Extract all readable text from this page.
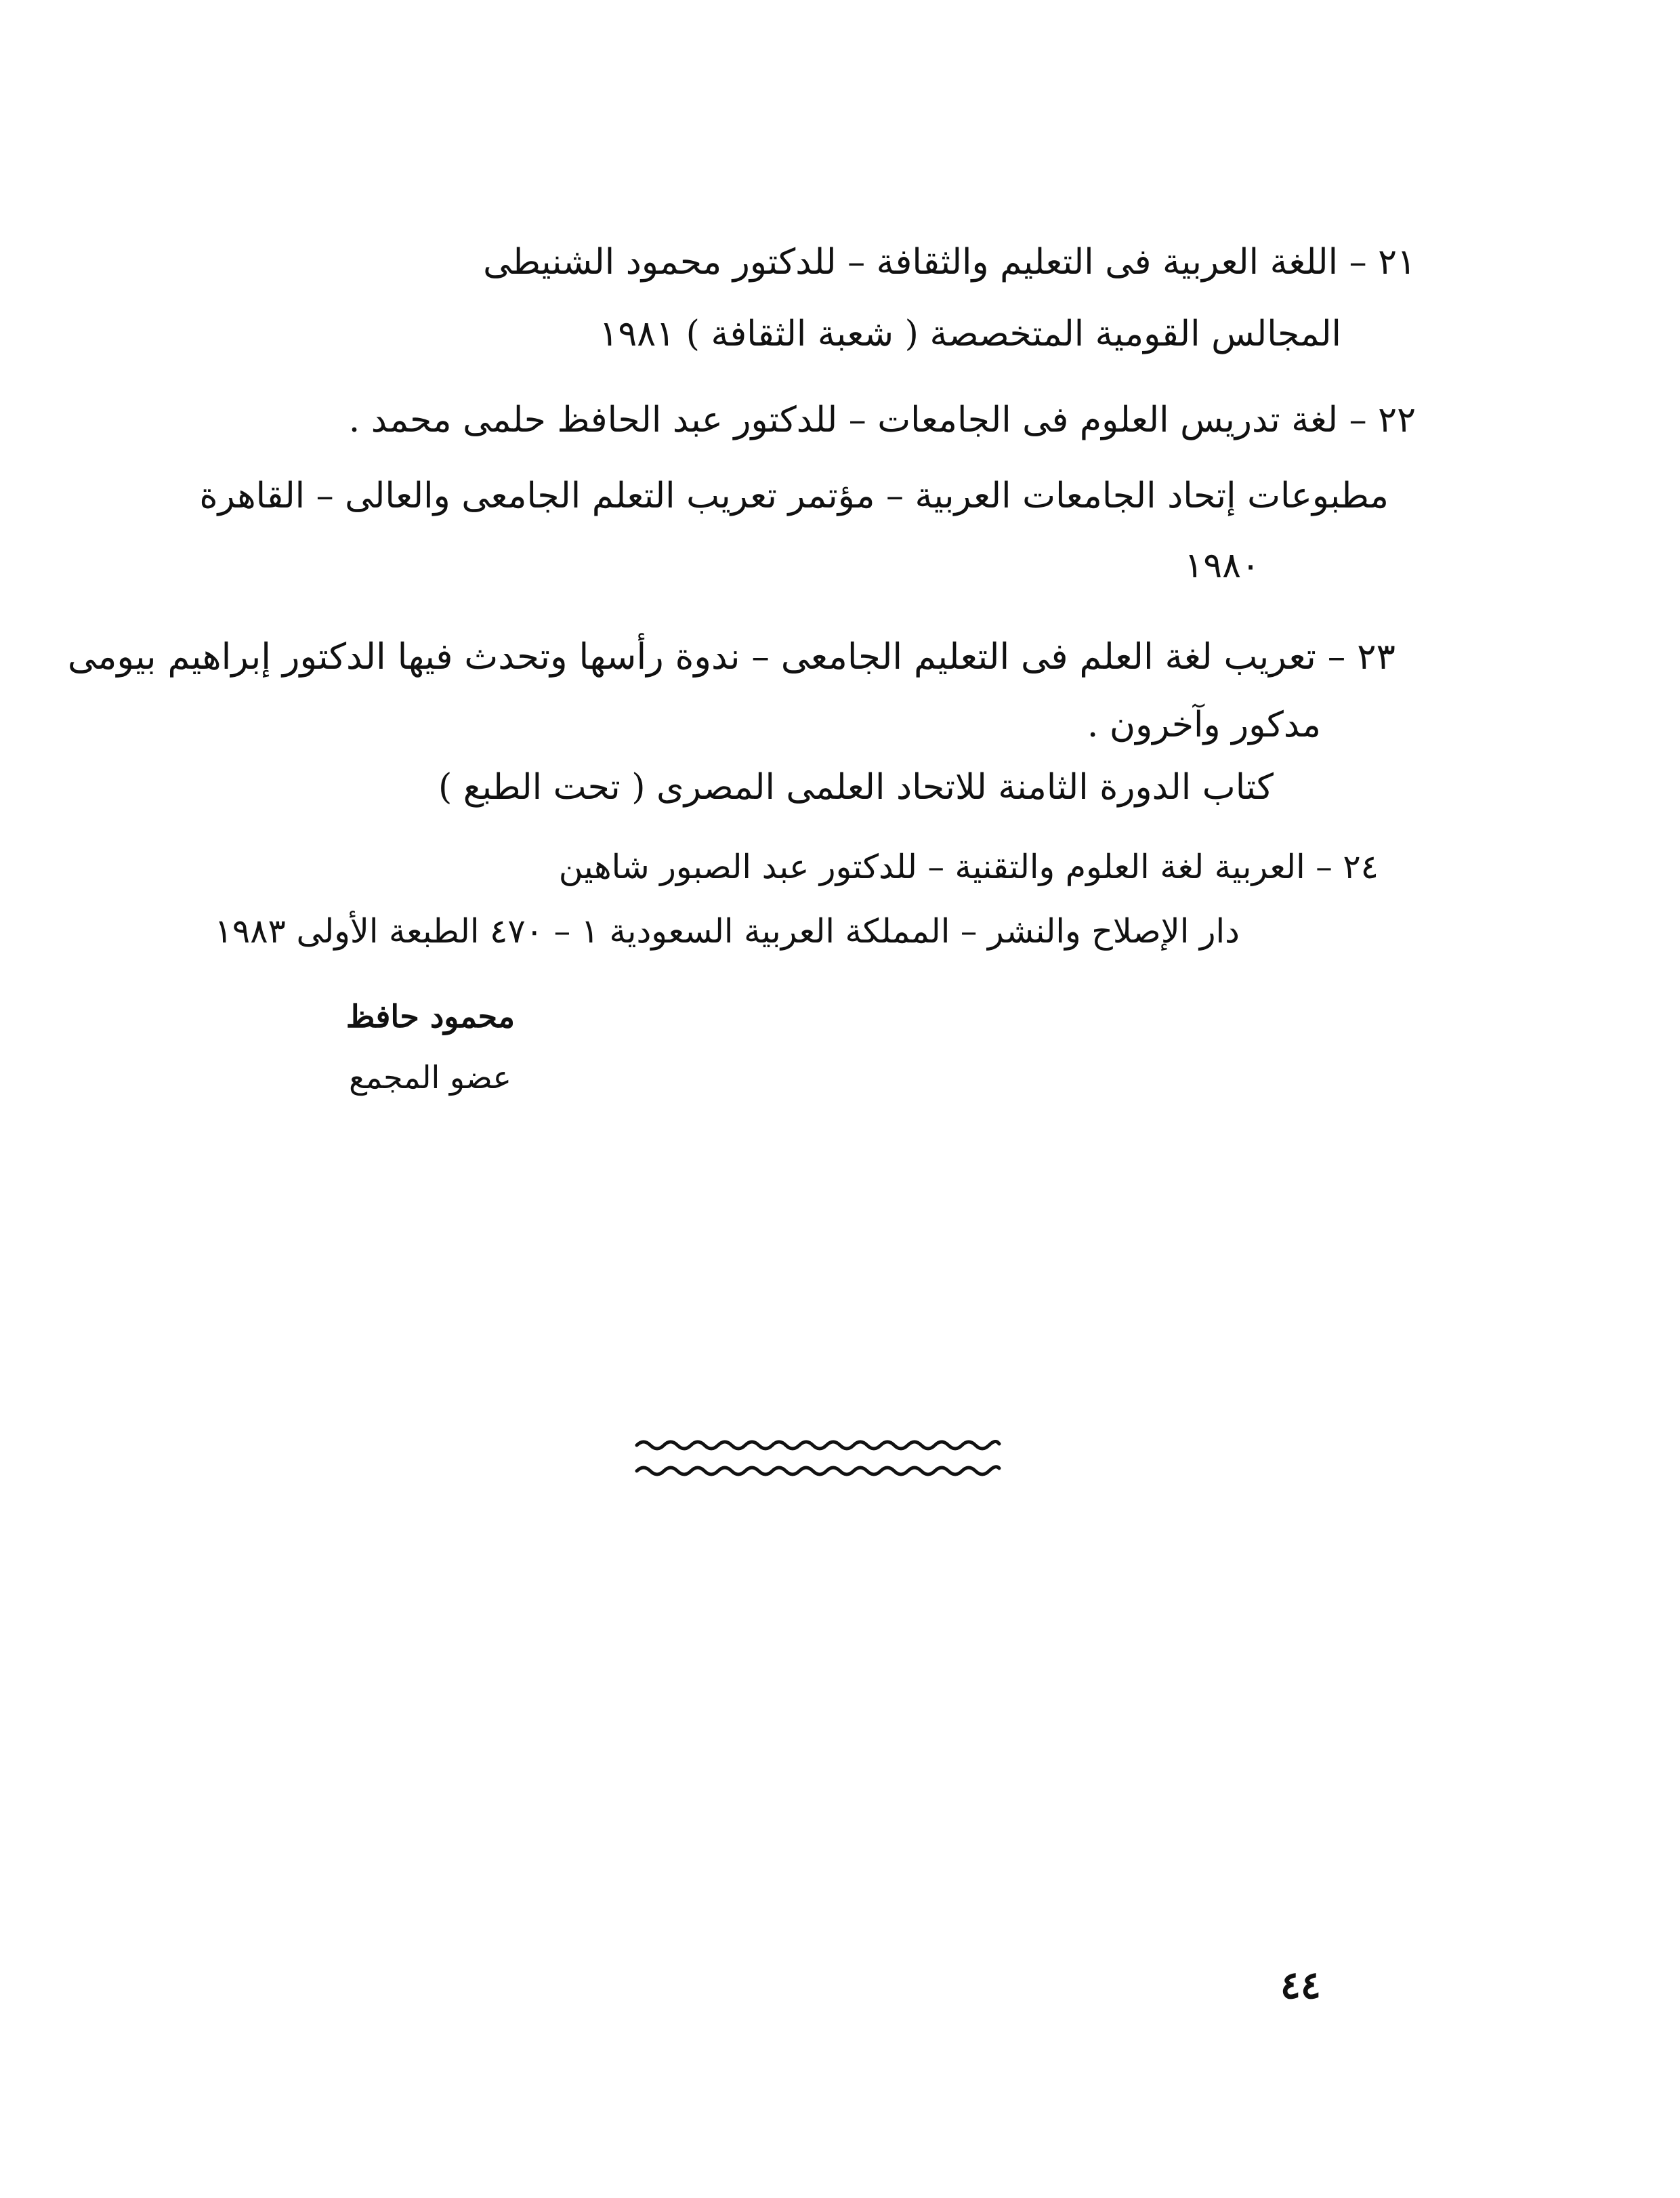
٢١ – اللغة العربية فى التعليم والثقافة – للدكتور محمود الشنيطى
المجالس القومية المتخصصة ( شعبة الثقافة ) ١٩٨١
٢٢ – لغة تدريس العلوم فى الجامعات – للدكتور عبد الحافظ حلمى محمد .
مطبوعات إتحاد الجامعات العربية – مؤتمر تعريب التعلم الجامعى والعالى – القاهرة
١٩٨٠
٢٣ – تعريب لغة العلم فى التعليم الجامعى – ندوة رأسها وتحدث فيها الدكتور إبراهيم بيومى
مدكور وآخرون .
كتاب الدورة الثامنة للاتحاد العلمى المصرى ( تحت الطبع )
٢٤ – العربية لغة العلوم والتقنية – للدكتور عبد الصبور شاهين
دار الإصلاح والنشر – المملكة العربية السعودية ١ – ٤٧٠ الطبعة الأولى ١٩٨٣
محمود حافظ
عضو المجمع
٤٤
